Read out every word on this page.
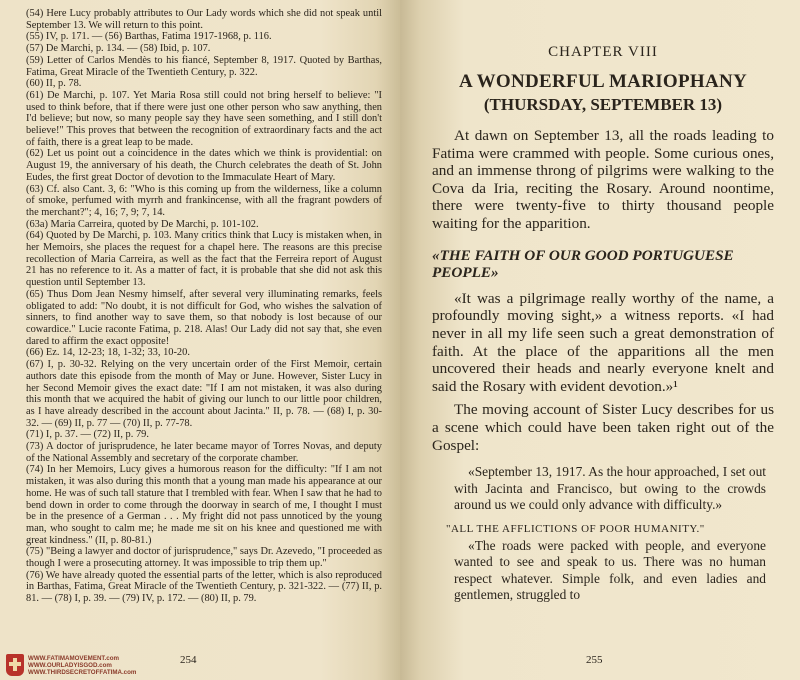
(54) Here Lucy probably attributes to Our Lady words which she did not speak until September 13. We will return to this point.

(55) IV, p. 171. — (56) Barthas, Fatima 1917-1968, p. 116.

(57) De Marchi, p. 134. — (58) Ibid, p. 107.

(59) Letter of Carlos Mendès to his fiancé, September 8, 1917. Quoted by Barthas, Fatima, Great Miracle of the Twentieth Century, p. 322.

(60) II, p. 78.

(61) De Marchi, p. 107. Yet Maria Rosa still could not bring herself to believe: "I used to think before, that if there were just one other person who saw anything, then I'd believe; but now, so many people say they have seen something, and I still don't believe!" This proves that between the recognition of extraordinary facts and the act of faith, there is a great leap to be made.

(62) Let us point out a coincidence in the dates which we think is providential: on August 19, the anniversary of his death, the Church celebrates the death of St. John Eudes, the first great Doctor of devotion to the Immaculate Heart of Mary.

(63) Cf. also Cant. 3, 6: "Who is this coming up from the wilderness, like a column of smoke, perfumed with myrrh and frankincense, with all the fragrant powders of the merchant?"; 4, 16; 7, 9; 7, 14.

(63a) Maria Carreira, quoted by De Marchi, p. 101-102.

(64) Quoted by De Marchi, p. 103. Many critics think that Lucy is mistaken when, in her Memoirs, she places the request for a chapel here. The reasons are this precise recollection of Maria Carreira, as well as the fact that the Ferreira report of August 21 has no reference to it. As a matter of fact, it is probable that she did not ask this question until September 13.

(65) Thus Dom Jean Nesmy himself, after several very illuminating remarks, feels obligated to add: "No doubt, it is not difficult for God, who wishes the salvation of sinners, to find another way to save them, so that nobody is lost because of our cowardice." Lucie raconte Fatima, p. 218. Alas! Our Lady did not say that, she even dared to affirm the exact opposite!

(66) Ez. 14, 12-23; 18, 1-32; 33, 10-20.

(67) I, p. 30-32. Relying on the very uncertain order of the First Memoir, certain authors date this episode from the month of May or June. However, Sister Lucy in her Second Memoir gives the exact date: "If I am not mistaken, it was also during this month that we acquired the habit of giving our lunch to our little poor children, as I have already described in the account about Jacinta." II, p. 78. — (68) I, p. 30-32. — (69) II, p. 77 — (70) II, p. 77-78.

(71) I, p. 37. — (72) II, p. 79.

(73) A doctor of jurisprudence, he later became mayor of Torres Novas, and deputy of the National Assembly and secretary of the corporate chamber.

(74) In her Memoirs, Lucy gives a humorous reason for the difficulty: "If I am not mistaken, it was also during this month that a young man made his appearance at our home. He was of such tall stature that I trembled with fear. When I saw that he had to bend down in order to come through the doorway in search of me, I thought I must be in the presence of a German . . . My fright did not pass unnoticed by the young man, who sought to calm me; he made me sit on his knee and questioned me with great kindness." (II, p. 80-81.)

(75) "Being a lawyer and doctor of jurisprudence," says Dr. Azevedo, "I proceeded as though I were a prosecuting attorney. It was impossible to trip them up."

(76) We have already quoted the essential parts of the letter, which is also reproduced in Barthas, Fatima, Great Miracle of the Twentieth Century, p. 321-322. — (77) II, p. 81. — (78) I, p. 39. — (79) IV, p. 172. — (80) II, p. 79.

WWW.FATIMAMOVEMENT.com
WWW.OURLADYISGOD.com
WWW.THIRDSECRETOFFATIMA.com
254
CHAPTER VIII
A WONDERFUL MARIOPHANY
(THURSDAY, SEPTEMBER 13)

At dawn on September 13, all the roads leading to Fatima were crammed with people. Some curious ones, and an immense throng of pilgrims were walking to the Cova da Iria, reciting the Rosary. Around noontime, there were twenty-five to thirty thousand people waiting for the apparition.

«THE FAITH OF OUR GOOD PORTUGUESE PEOPLE»

«It was a pilgrimage really worthy of the name, a profoundly moving sight,» a witness reports. «I had never in all my life seen such a great demonstration of faith. At the place of the apparitions all the men uncovered their heads and nearly everyone knelt and said the Rosary with evident devotion.»¹

The moving account of Sister Lucy describes for us a scene which could have been taken right out of the Gospel:

«September 13, 1917. As the hour approached, I set out with Jacinta and Francisco, but owing to the crowds around us we could only advance with difficulty.»

"ALL THE AFFLICTIONS OF POOR HUMANITY."

«The roads were packed with people, and everyone wanted to see and speak to us. There was no human respect whatever. Simple folk, and even ladies and gentlemen, struggled to

255
